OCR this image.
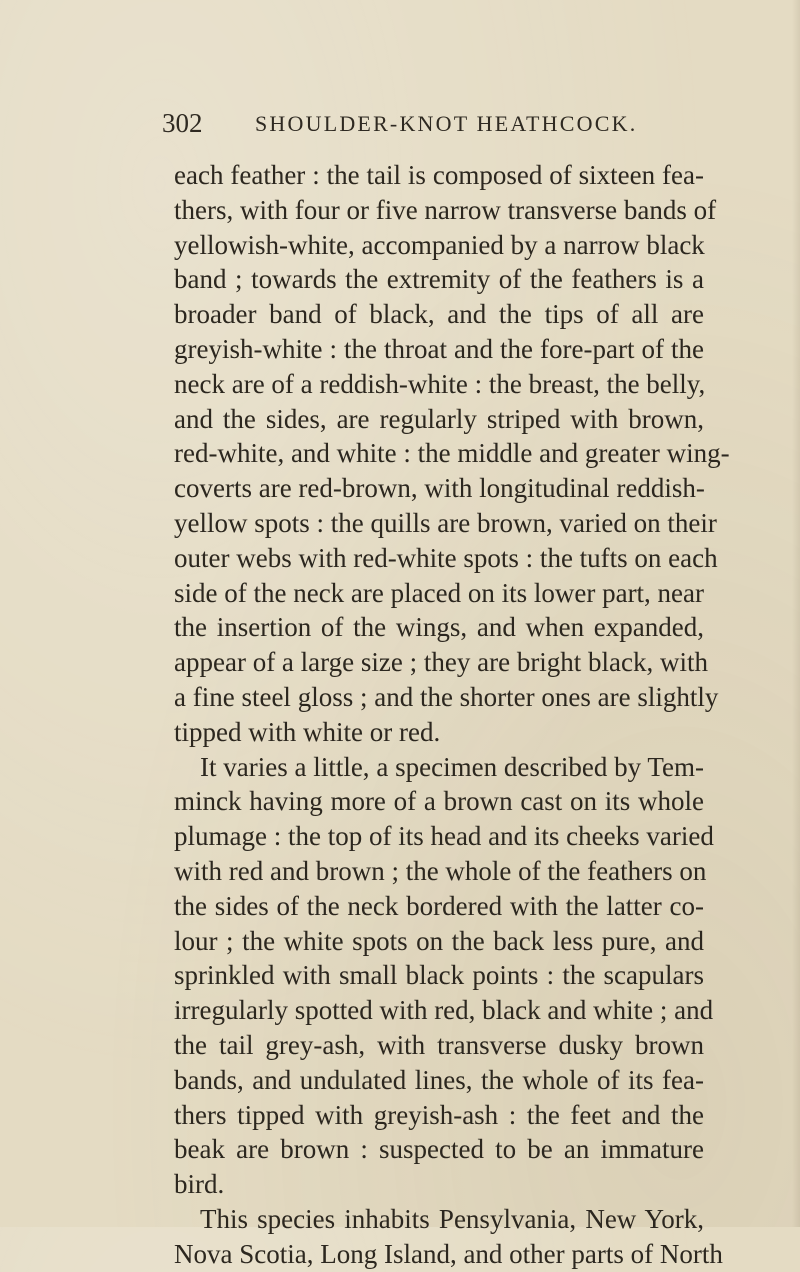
302 SHOULDER-KNOT HEATHCOCK.
each feather : the tail is composed of sixteen fea-
thers, with four or five narrow transverse bands of
yellowish-white, accompanied by a narrow black
band ; towards the extremity of the feathers is a
broader band of black, and the tips of all are
greyish-white : the throat and the fore-part of the
neck are of a reddish-white : the breast, the belly,
and the sides, are regularly striped with brown,
red-white, and white : the middle and greater wing-
coverts are red-brown, with longitudinal reddish-
yellow spots : the quills are brown, varied on their
outer webs with red-white spots : the tufts on each
side of the neck are placed on its lower part, near
the insertion of the wings, and when expanded,
appear of a large size ; they are bright black, with
a fine steel gloss ; and the shorter ones are slightly
tipped with white or red.
It varies a little, a specimen described by Tem-
minck having more of a brown cast on its whole
plumage : the top of its head and its cheeks varied
with red and brown ; the whole of the feathers on
the sides of the neck bordered with the latter co-
lour ; the white spots on the back less pure, and
sprinkled with small black points : the scapulars
irregularly spotted with red, black and white ; and
the tail grey-ash, with transverse dusky brown
bands, and undulated lines, the whole of its fea-
thers tipped with greyish-ash : the feet and the
beak are brown : suspected to be an immature
bird.
This species inhabits Pensylvania, New York,
Nova Scotia, Long Island, and other parts of North
